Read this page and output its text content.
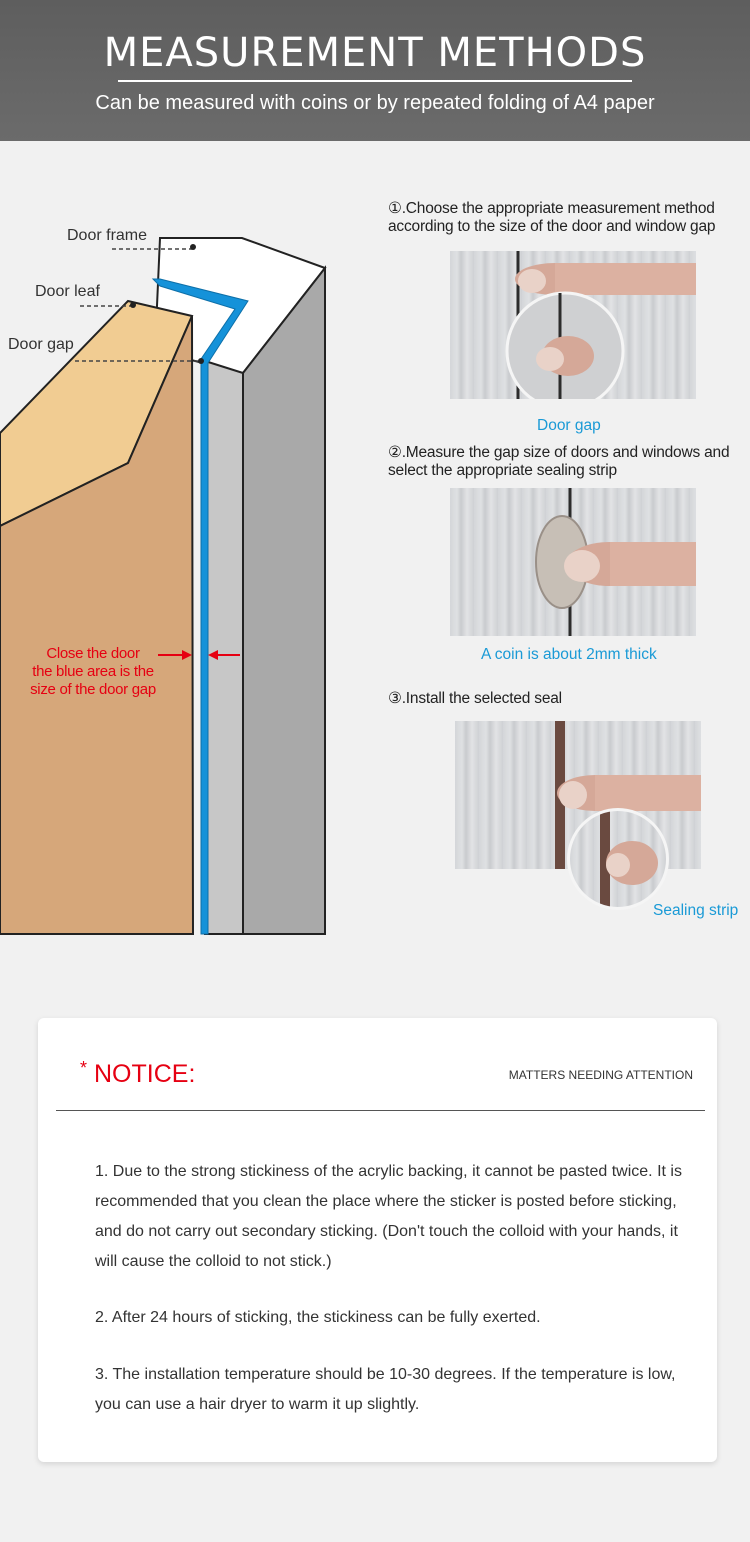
MEASUREMENT METHODS
Can be measured with coins or by repeated folding of A4 paper
Door frame
Door leaf
Door gap
Close the door
the blue area is the
size of the door gap
①.Choose the appropriate measurement method according to the size of the door and window gap
Door gap
②.Measure the gap size of doors and windows and select the appropriate sealing strip
A coin is about 2mm thick
③.Install the selected seal
Sealing strip
* NOTICE:	MATTERS NEEDING ATTENTION
1. Due to the strong stickiness of the acrylic backing, it cannot be pasted twice. It is recommended that you clean the place where the sticker is posted before sticking, and do not carry out secondary sticking. (Don't touch the colloid with your hands, it will cause the colloid to not stick.)
2. After 24 hours of sticking, the stickiness can be fully exerted.
3. The installation temperature should be 10-30 degrees. If the temperature is low, you can use a hair dryer to warm it up slightly.
